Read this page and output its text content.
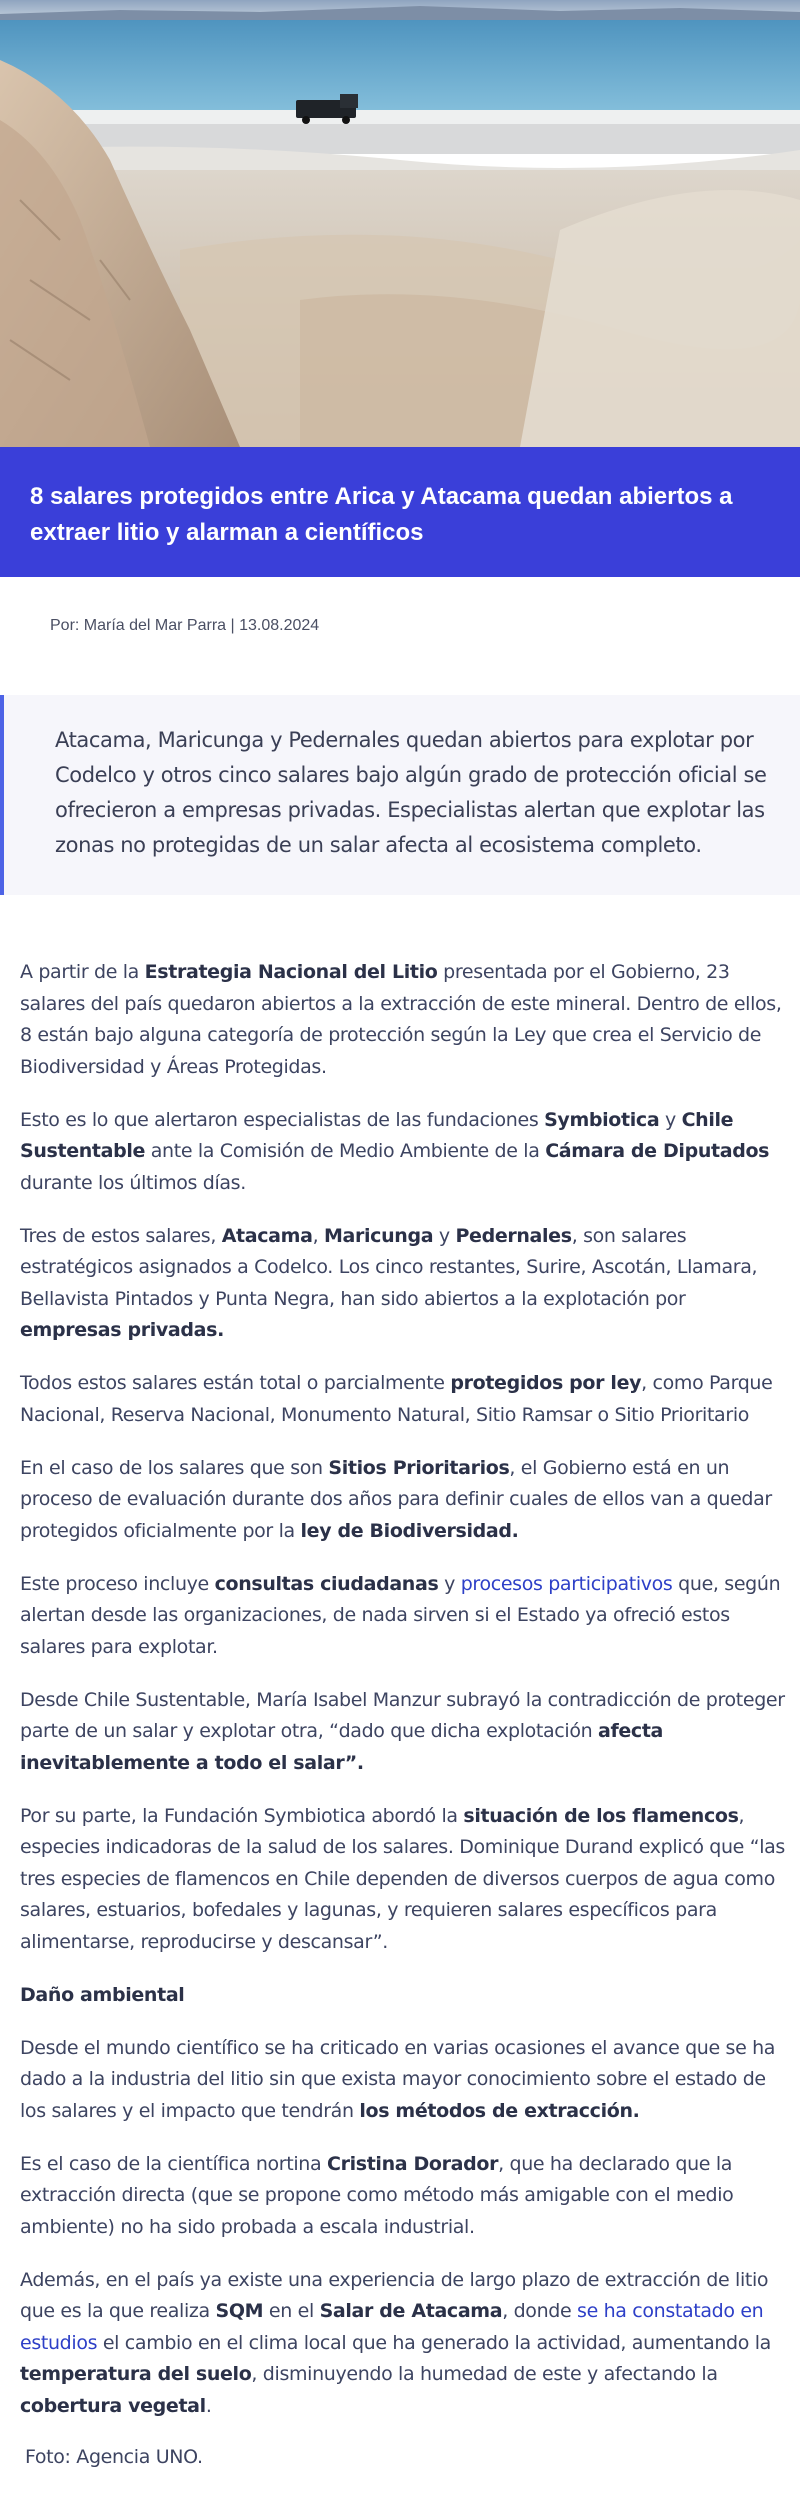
8 salares protegidos entre Arica y Atacama quedan abiertos a extraer litio y alarman a científicos
Por: María del Mar Parra | 13.08.2024

Atacama, Maricunga y Pedernales quedan abiertos para explotar por Codelco y otros cinco salares bajo algún grado de protección oficial se ofrecieron a empresas privadas. Especialistas alertan que explotar las zonas no protegidas de un salar afecta al ecosistema completo.

A partir de la Estrategia Nacional del Litio presentada por el Gobierno, 23 salares del país quedaron abiertos a la extracción de este mineral. Dentro de ellos, 8 están bajo alguna categoría de protección según la Ley que crea el Servicio de Biodiversidad y Áreas Protegidas.

Esto es lo que alertaron especialistas de las fundaciones Symbiotica y Chile Sustentable ante la Comisión de Medio Ambiente de la Cámara de Diputados durante los últimos días.

Tres de estos salares, Atacama, Maricunga y Pedernales, son salares estratégicos asignados a Codelco. Los cinco restantes, Surire, Ascotán, Llamara, Bellavista Pintados y Punta Negra, han sido abiertos a la explotación por empresas privadas.

Todos estos salares están total o parcialmente protegidos por ley, como Parque Nacional, Reserva Nacional, Monumento Natural, Sitio Ramsar o Sitio Prioritario

En el caso de los salares que son Sitios Prioritarios, el Gobierno está en un proceso de evaluación durante dos años para definir cuales de ellos van a quedar protegidos oficialmente por la ley de Biodiversidad.

Este proceso incluye consultas ciudadanas y procesos participativos que, según alertan desde las organizaciones, de nada sirven si el Estado ya ofreció estos salares para explotar.

Desde Chile Sustentable, María Isabel Manzur subrayó la contradicción de proteger parte de un salar y explotar otra, “dado que dicha explotación afecta inevitablemente a todo el salar”.

Por su parte, la Fundación Symbiotica abordó la situación de los flamencos, especies indicadoras de la salud de los salares. Dominique Durand explicó que “las tres especies de flamencos en Chile dependen de diversos cuerpos de agua como salares, estuarios, bofedales y lagunas, y requieren salares específicos para alimentarse, reproducirse y descansar”.

Daño ambiental

Desde el mundo científico se ha criticado en varias ocasiones el avance que se ha dado a la industria del litio sin que exista mayor conocimiento sobre el estado de los salares y el impacto que tendrán los métodos de extracción.

Es el caso de la científica nortina Cristina Dorador, que ha declarado que la extracción directa (que se propone como método más amigable con el medio ambiente) no ha sido probada a escala industrial.

Además, en el país ya existe una experiencia de largo plazo de extracción de litio que es la que realiza SQM en el Salar de Atacama, donde se ha constatado en estudios el cambio en el clima local que ha generado la actividad, aumentando la temperatura del suelo, disminuyendo la humedad de este y afectando la cobertura vegetal.

Foto: Agencia UNO.
